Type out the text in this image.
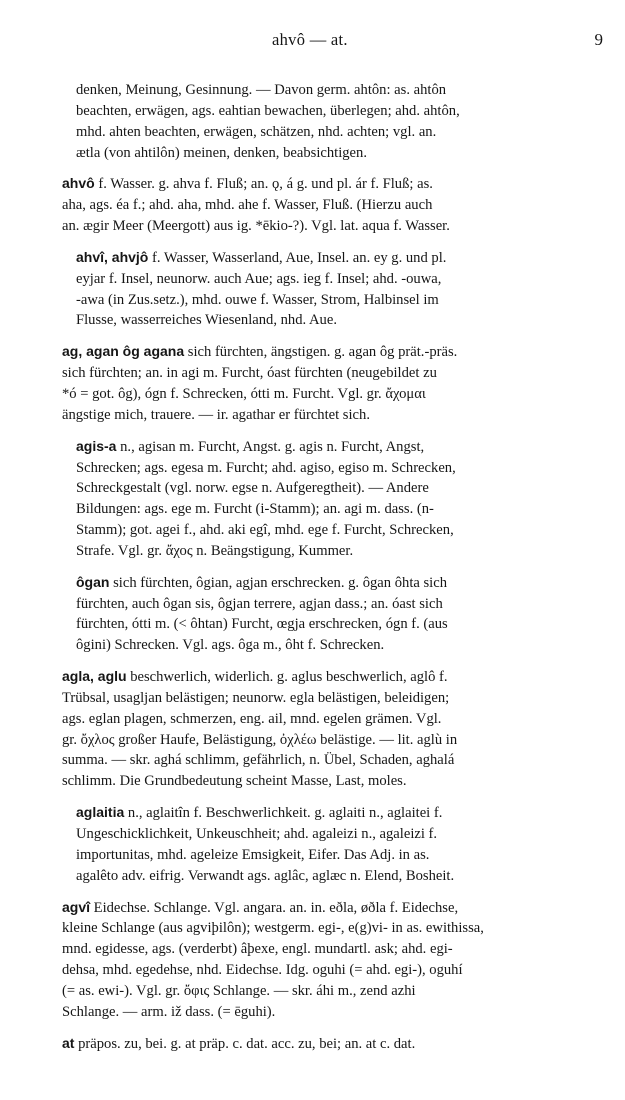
ahvô — at.	9
denken, Meinung, Gesinnung. — Davon germ. ahtôn: as. ahtôn
beachten, erwägen, ags. eahtian bewachen, überlegen; ahd. ahtôn,
mhd. ahten beachten, erwägen, schätzen, nhd. achten; vgl. an.
ætla (von ahtilôn) meinen, denken, beabsichtigen.
ahvô f. Wasser. g. ahva f. Fluß; an. ǫ, á g. und pl. ár f. Fluß; as.
aha, ags. éa f.; ahd. aha, mhd. ahe f. Wasser, Fluß. (Hierzu auch
an. ægir Meer (Meergott) aus ig. *ēkio-?). Vgl. lat. aqua f. Wasser.
ahvî, ahvjô f. Wasser, Wasserland, Aue, Insel. an. ey g. und pl.
eyjar f. Insel, neunorw. auch Aue; ags. ieg f. Insel; ahd. -ouwa,
-awa (in Zus.setz.), mhd. ouwe f. Wasser, Strom, Halbinsel im
Flusse, wasserreiches Wiesenland, nhd. Aue.
ag, agan ôg agana sich fürchten, ängstigen. g. agan ôg prät.-präs.
sich fürchten; an. in agi m. Furcht, óast fürchten (neugebildet zu
*ó = got. ôg), ógn f. Schrecken, ótti m. Furcht. Vgl. gr. ἄχομαι
ängstige mich, trauere. — ir. agathar er fürchtet sich.
agis-a n., agisan m. Furcht, Angst. g. agis n. Furcht, Angst,
Schrecken; ags. egesa m. Furcht; ahd. agiso, egiso m. Schrecken,
Schreckgestalt (vgl. norw. egse n. Aufgeregtheit). — Andere
Bildungen: ags. ege m. Furcht (i-Stamm); an. agi m. dass. (n-
Stamm); got. agei f., ahd. aki egî, mhd. ege f. Furcht, Schrecken,
Strafe. Vgl. gr. ἄχος n. Beängstigung, Kummer.
ôgan sich fürchten, ôgian, agjan erschrecken. g. ôgan ôhta sich
fürchten, auch ôgan sis, ôgjan terrere, agjan dass.; an. óast sich
fürchten, ótti m. (< ôhtan) Furcht, œgja erschrecken, ógn f. (aus
ôgini) Schrecken. Vgl. ags. ôga m., ôht f. Schrecken.
agla, aglu beschwerlich, widerlich. g. aglus beschwerlich, aglô f.
Trübsal, usagljan belästigen; neunorw. egla belästigen, beleidigen;
ags. eglan plagen, schmerzen, eng. ail, mnd. egelen grämen. Vgl.
gr. ὄχλος großer Haufe, Belästigung, ὀχλέω belästige. — lit. aglù in
summa. — skr. aghá schlimm, gefährlich, n. Übel, Schaden, aghalá
schlimm. Die Grundbedeutung scheint Masse, Last, moles.
aglaitia n., aglaitîn f. Beschwerlichkeit. g. aglaiti n., aglaitei f.
Ungeschicklichkeit, Unkeuschheit; ahd. agaleizi n., agaleizi f.
importunitas, mhd. ageleize Emsigkeit, Eifer. Das Adj. in as.
agalêto adv. eifrig. Verwandt ags. aglâc, aglæc n. Elend, Bosheit.
agvî Eidechse. Schlange. Vgl. angara. an. in. eðla, øðla f. Eidechse,
kleine Schlange (aus agviþilôn); westgerm. egi-, e(g)vi- in as. ewithissa,
mnd. egidesse, ags. (verderbt) âþexe, engl. mundartl. ask; ahd. egi-
dehsa, mhd. egedehse, nhd. Eidechse. Idg. oguhi (= ahd. egi-), oguhí
(= as. ewi-). Vgl. gr. ὄφις Schlange. — skr. áhi m., zend azhi
Schlange. — arm. iž dass. (= ēguhi).
at präpos. zu, bei. g. at präp. c. dat. acc. zu, bei; an. at c. dat.
